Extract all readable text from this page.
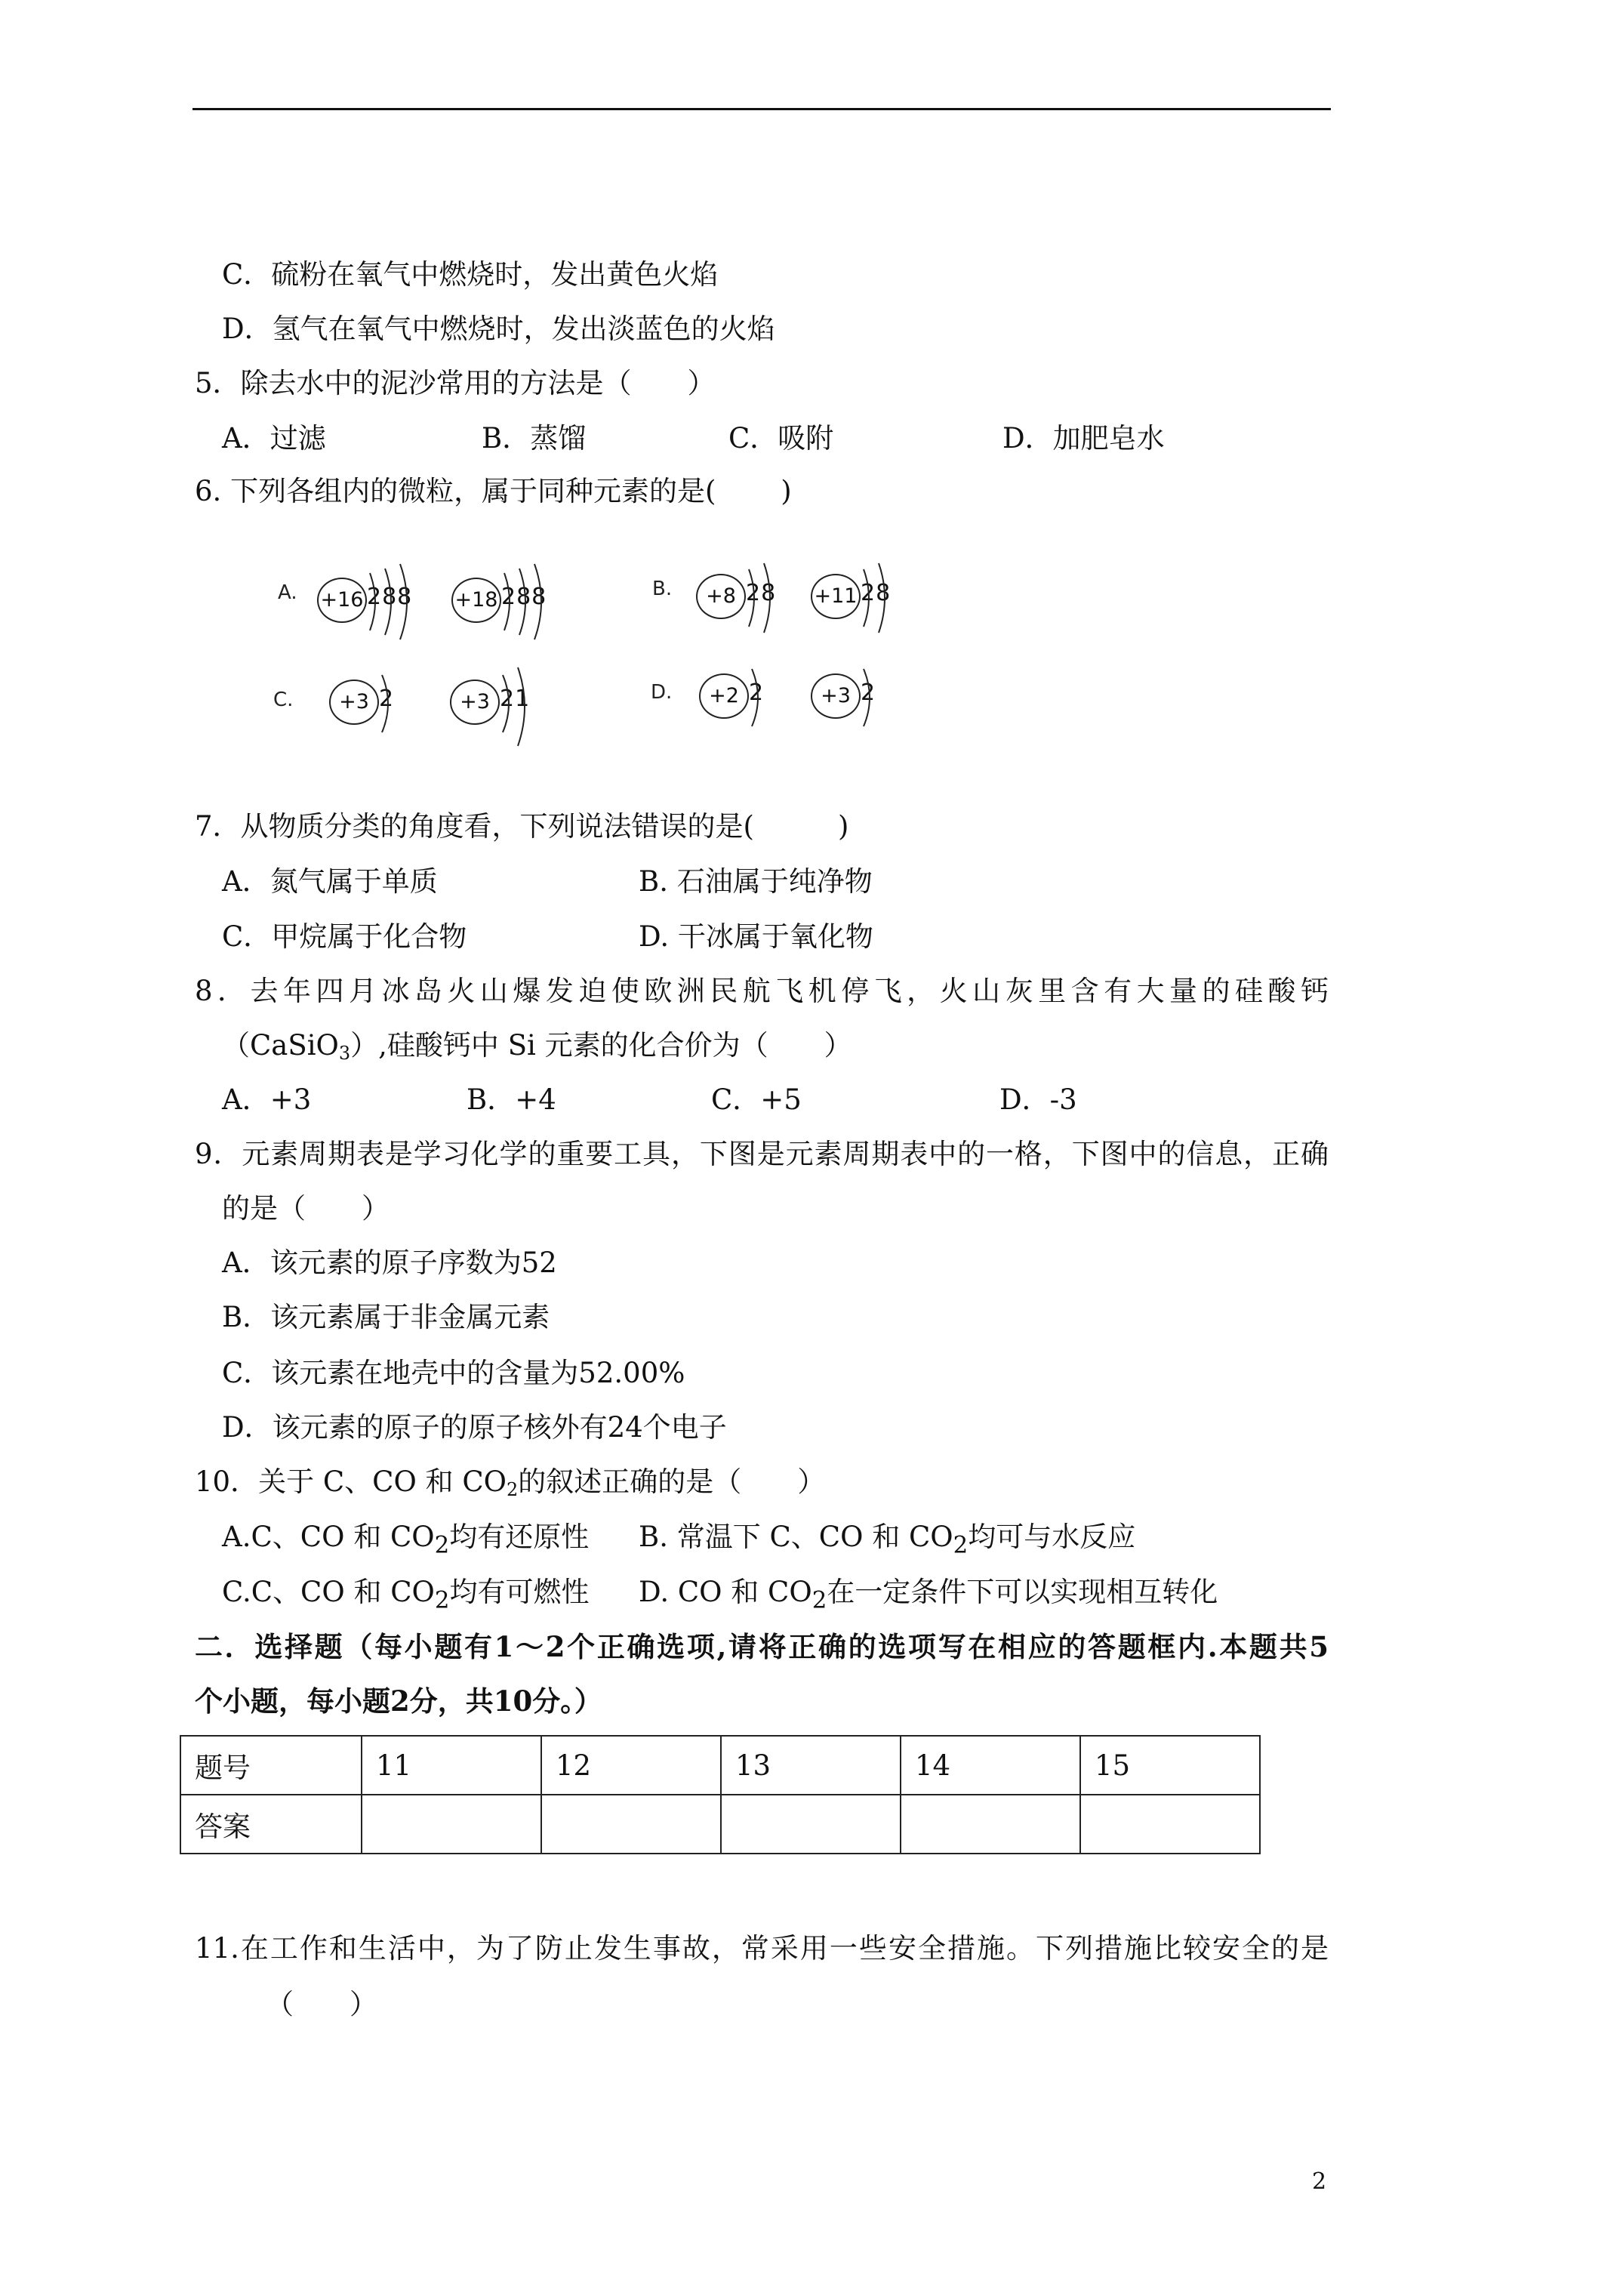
C．硫粉在氧气中燃烧时，发出黄色火焰
D．氢气在氧气中燃烧时，发出淡蓝色的火焰
5．除去水中的泥沙常用的方法是（　　）
A．过滤	B．蒸馏	C．吸附	D．加肥皂水
6. 下列各组内的微粒，属于同种元素的是(　　 )
A. +16 288 +18 288	B.	+8 28 +11 28
C.	+3 2	+3 21	D.	+2 2	+3 2
7．从物质分类的角度看，下列说法错误的是(　　　)
A．氮气属于单质	B. 石油属于纯净物
C．甲烷属于化合物	D. 干冰属于氧化物
8．去年四月冰岛火山爆发迫使欧洲民航飞机停飞，火山灰里含有大量的硅酸钙
（CaSiO$_3$）,硅酸钙中 Si 元素的化合价为（　　）
A．+3	B．+4	C．+5	D．-3
9．元素周期表是学习化学的重要工具，下图是元素周期表中的一格，下图中的信息，正确
的是（　　）
A．该元素的原子序数为52
B．该元素属于非金属元素
C．该元素在地壳中的含量为52.00%
D．该元素的原子的原子核外有24个电子
10．关于 C、CO 和 $CO_2$的叙述正确的是（　　）
A.C、CO 和 $CO_2$均有还原性 B. 常温下 C、CO 和 $CO_2$均可与水反应
C.C、CO 和 $CO_2$均有可燃性 D. CO 和 $CO_2$在一定条件下可以实现相互转化
二．选择题（每小题有1～2个正确选项,请将正确的选项写在相应的答题框内.本题共5
个小题，每小题2分，共10分。）
题号	11	12	13	14	15
答案					
11.在工作和生活中，为了防止发生事故，常采用一些安全措施。下列措施比较安全的是
（　　）
2
